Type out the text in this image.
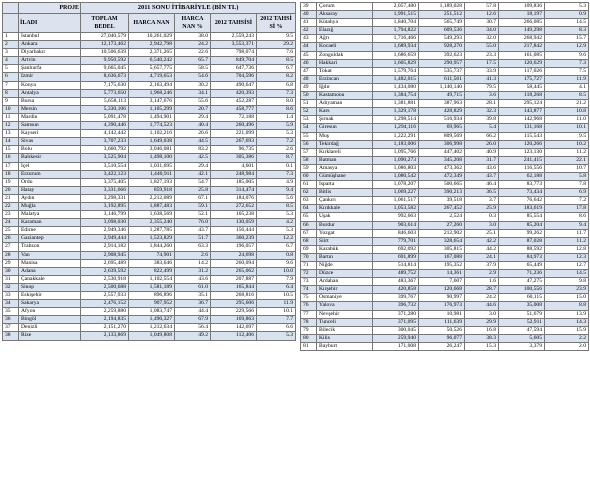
	PROJE	2011 SONU İTİBARİYLE (BİN TL)				
	İLADI	TOPLAM BEDEL	HARCA NAN	HARCA NAN %	2012 TAHSİSİ	2012 TAHSİ Sİ %
1	İstanbul	27,040,579	10,261,029	38.0	2,559,243	9.5
2	Ankara	12,173,462	2,942,798	24.2	3,553,371	29.2
3	Diyarbakır	10,506,639	2,371,265	22.6	798,074	7.6
4	Artvin	9,950,592	6,540,242	65.7	849,704	8.5
5	Şanlıurfa	9,665,045	5,657,775	58.5	647,736	6.7
6	İzmir	8,636,673	4,719,653	54.6	704,596	8.2
7	Konya	7,175,630	2,163,494	30.2	490,647	6.8
8	Antalya	5,773,650	1,968,246	34.1	420,393	7.3
9	Bursa	5,658,113	3,147,676	55.6	452,287	8.0
10	Mersin	5,330,106	1,105,299	20.7	458,777	8.6
11	Mardin	5,091,478	1,494,901	29.4	72,188	1.4
12	Samsun	4,390,446	1,774,523	40.4	260,496	5.9
13	Kayseri	4,142,442	1,102,216	26.6	221,099	5.3
14	Sivas	3,707,233	1,649,038	44.5	267,693	7.2
15	Bolu	3,660,792	3,046,081	83.2	96,735	2.6
16	Balıkesir	3,525,904	1,498,100	42.5	305,386	8.7
17	İçel	3,510,554	1,031,695	29.4	4,601	0.1
18	Erzurum	3,422,123	1,440,911	42.1	248,984	7.3
19	Ordu	3,375,405	1,827,193	54.7	185,005	4.9
20	Hatay	3,331,666	859,918	25.8	314,474	9.4
21	Aydın	3,298,331	2,212,089	67.1	184,076	5.6
22	Muğla	3,192,895	1,887,483	59.1	272,652	8.5
23	Malatya	3,146,799	1,638,569	52.1	165,238	5.3
24	Karaman	3,098,030	2,355,240	76.0	130,059	4.2
25	Edirne	2,949,346	1,287,785	43.7	156,444	5.3
26	Gaziantep	2,949,444	1,523,829	51.7	360,239	12.2
27	Trabzon	2,914,182	1,844,260	63.3	196,057	6.7
28	Van	2,908,945	74,901	2.6	24,698	0.8
29	Manisa	2,695,489	383,646	14.2	260,094	9.6
30	Adana	2,639,592	822,499	31.2	265,062	10.0
31	Çanakkale	2,530,918	1,102,554	43.6	207,887	7.9
32	Sinop	2,500,688	1,581,189	61.0	165,844	6.4
33	Eskişehir	2,557,933	896,896	35.1	268,816	10.5
34	Sakarya	2,476,152	907,952	36.7	295,606	11.9
35	Afyon	2,259,880	1,083,747	44.4	229,566	10.1
36	Bingöl	2,194,835	1,490,327	67.9	169,863	7.7
37	Denizli	2,151,270	1,212,634	56.4	142,697	6.6
38	Rize	2,133,869	1,049,808	49.2	112,406	5.3
39	Çorum	2,057,480	1,189,028	57.8	109,836	5.3
40	Aksaray	1,991,515	251,512	12.6	18,197	0.9
41	Kütahya	1,840,704	565,749	30.7	266,085	14.5
42	Elazığ	1,794,822	609,536	34.0	149,298	8.3
43	Ağrı	1,716,466	549,293	32.0	268,942	15.7
44	Kocaeli	1,689,934	928,270	55.0	217,842	12.9
45	Zonguldak	1,686,659	392,623	23.3	161,085	9.6
46	Hakkari	1,605,829	290,957	17.5	120,629	7.3
47	Tokat	1,579,764	535,737	33.9	117,026	7.5
48	Erzincan	1,482,015	611,561	41.3	175,727	11.9
49	Iğdır	1,434,080	1,140,140	79.5	58,445	4.1
50	Kastamonu	1,384,754	49,715	3.6	118,268	8.5
51	Adıyaman	1,381,881	387,963	28.1	295,124	21.2
52	Kars	1,329,178	428,829	32.3	143,877	10.8
53	Şırnak	1,298,514	516,934	39.8	142,968	11.0
54	Giresun	1,294,116	69,965	5.4	131,168	10.1
55	Muş	1,222,291	809,569	66.2	115,543	9.5
56	Tekirdağ	1,183,006	306,998	26.0	120,266	10.2
57	Kırklareli	1,095,766	447,402	40.9	123,130	11.2
58	Batman	1,090,273	345,208	31.7	241,415	22.1
59	Amasya	1,086,803	473,362	43.6	116,556	10.7
60	Gümüşhane	1,080,542	472,349	43.7	62,188	5.8
61	Isparta	1,078,207	500,665	46.4	83,773	7.8
62	Bitlis	1,069,227	390,213	36.5	73,434	6.9
63	Çankırı	1,061,517	39,518	3.7	76,642	7.2
64	Kırıkkale	1,053,582	267,452	25.9	183,619	17.8
65	Uşak	992,663	2,524	0.3	85,554	8.6
66	Burdur	903,614	27,260	3.0	85,204	9.4
67	Yozgat	846,603	212,902	25.1	99,262	11.7
68	Siirt	779,701	328,654	42.2	87,028	11.2
69	Karabük	692,092	305,815	44.2	88,592	12.8
70	Bartın	691,899	167,088	24.1	84,973	12.3
71	Niğde	514,814	195,352	37.9	65,449	12.7
72	Düzce	489,752	14,361	2.9	71,236	14.5
73	Ardahan	483,367	7,607	1.6	47,275	9.8
74	Kırşehir	420,858	120,668	28.7	100,556	23.9
75	Osmaniye	399,767	90,997	24.2	60,115	15.0
76	Yalova	396,732	176,973	44.6	35,008	8.8
77	Nevşehir	371,280	10,981	3.0	51,679	13.9
78	Tunceli	371,095	111,639	29.9	52,911	14.3
79	Bilecik	300,045	50,526	16.8	47,594	15.9
80	Kilis	259,940	96,077	38.3	5,605	2.2
81	Bayburt	171,008	26,247	15.3	3,379	2.0
